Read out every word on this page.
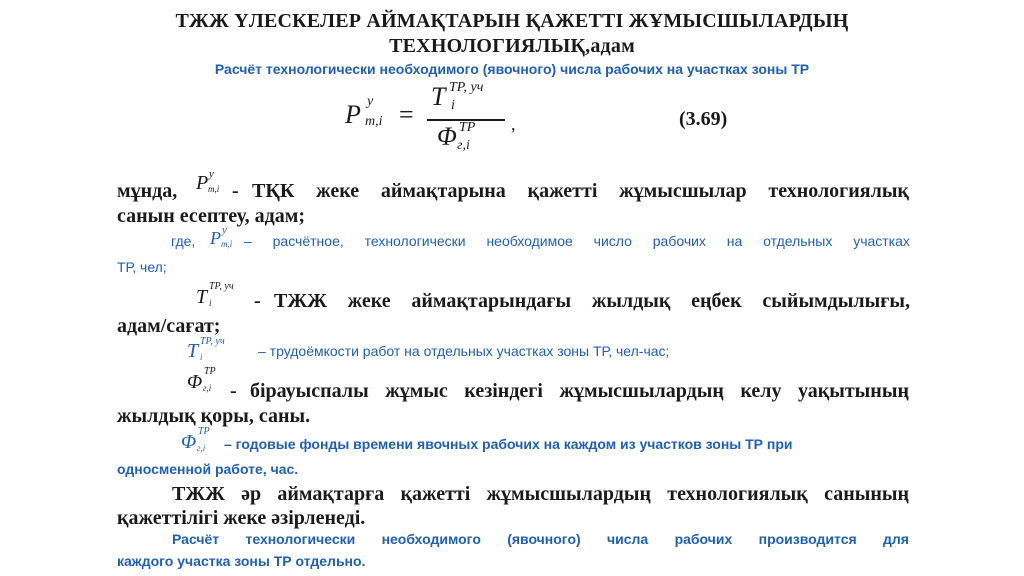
ТЖЖ ҮЛЕСКЕЛЕР АЙМАҚТАРЫН ҚАЖЕТТІ ЖҰМЫСШЫЛАРДЫҢ
ТЕХНОЛОГИЯЛЫҚ,адам
Расчёт технологически необходимого (явочного) числа рабочих на участках зоны ТР
P y
m,i =
T TP, уч
i
Φ TP
г,i
,	(3.69)
мұнда, P y
m,i - ТҚК жеке аймақтарына қажетті жұмысшылар технологиялық
санын есептеу, адам;
где, P y
m,i – расчётное, технологически необходимое число рабочих на отдельных участках
ТР, чел;
T TP, уч
i - ТЖЖ жеке аймақтарындағы жылдық еңбек сыйымдылығы,
адам/сағат;
T TP, уч
i	– трудоёмкости работ на отдельных участках зоны ТР, чел-час;
Φ TP
г,i - бірауыспалы жұмыс кезіндегі жұмысшылардың келу уақытының
жылдық қоры, саны.
Φ TP
г,i – годовые фонды времени явочных рабочих на каждом из участков зоны ТР при
односменной работе, час.
ТЖЖ әр аймақтарға қажетті жұмысшылардың технологиялық санының
қажеттілігі жеке әзірленеді.
Расчёт технологически необходимого (явочного) числа рабочих производится для
каждого участка зоны ТР отдельно.
